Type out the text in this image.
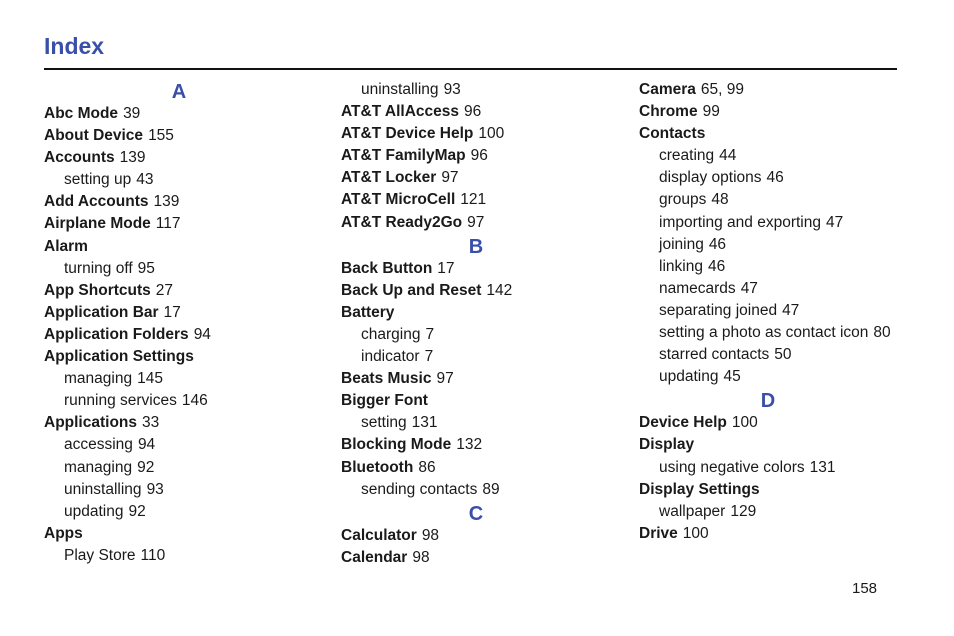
Index
A
Abc Mode 39
About Device 155
Accounts 139
setting up 43
Add Accounts 139
Airplane Mode 117
Alarm
turning off 95
App Shortcuts 27
Application Bar 17
Application Folders 94
Application Settings
managing 145
running services 146
Applications 33
accessing 94
managing 92
uninstalling 93
updating 92
Apps
Play Store 110
uninstalling 93
AT&T AllAccess 96
AT&T Device Help 100
AT&T FamilyMap 96
AT&T Locker 97
AT&T MicroCell 121
AT&T Ready2Go 97
B
Back Button 17
Back Up and Reset 142
Battery
charging 7
indicator 7
Beats Music 97
Bigger Font
setting 131
Blocking Mode 132
Bluetooth 86
sending contacts 89
C
Calculator 98
Calendar 98
Camera 65, 99
Chrome 99
Contacts
creating 44
display options 46
groups 48
importing and exporting 47
joining 46
linking 46
namecards 47
separating joined 47
setting a photo as contact icon 80
starred contacts 50
updating 45
D
Device Help 100
Display
using negative colors 131
Display Settings
wallpaper 129
Drive 100
158
